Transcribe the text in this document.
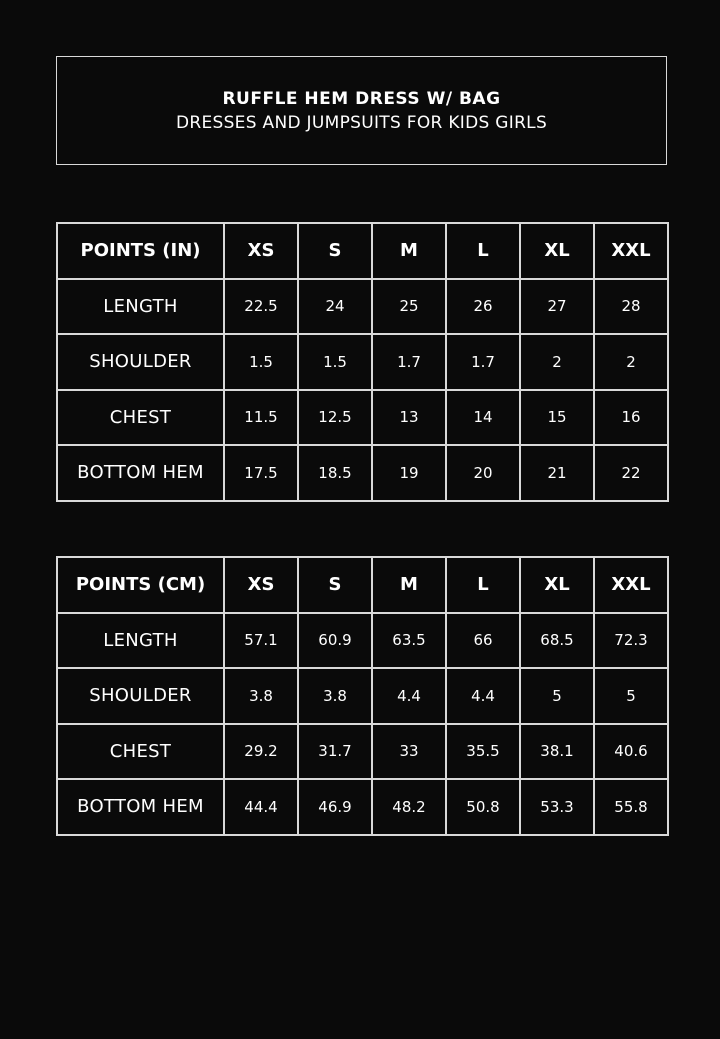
RUFFLE HEM DRESS W/ BAG
DRESSES AND JUMPSUITS FOR KIDS GIRLS
POINTS (IN)	XS	S	M	L	XL	XXL
LENGTH	22.5	24	25	26	27	28
SHOULDER	1.5	1.5	1.7	1.7	2	2
CHEST	11.5	12.5	13	14	15	16
BOTTOM HEM	17.5	18.5	19	20	21	22
POINTS (CM)	XS	S	M	L	XL	XXL
LENGTH	57.1	60.9	63.5	66	68.5	72.3
SHOULDER	3.8	3.8	4.4	4.4	5	5
CHEST	29.2	31.7	33	35.5	38.1	40.6
BOTTOM HEM	44.4	46.9	48.2	50.8	53.3	55.8
